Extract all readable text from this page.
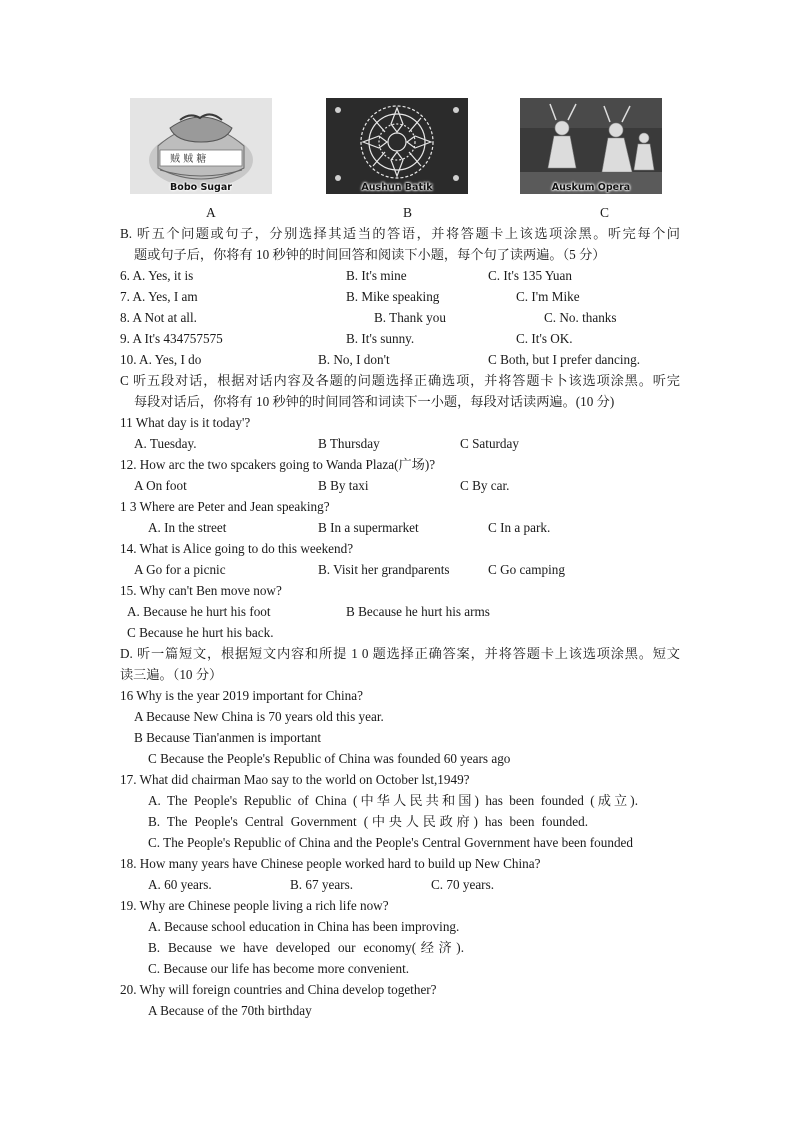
贼 贼 糖
Bobo Sugar	Aushun Batik	Auskum Opera
A	B	C
B. 听五个问题或句子，分别选择其适当的答语，并将答题卡上该选项涂黑。听完每个问
题或句子后，你将有 10 秒钟的时间回答和阅读下小题，每个句了读两遍。（5 分）
6. A. Yes, it is	B. It's mine	C. It's 135 Yuan
7. A. Yes, I am	B. Mike speaking	C. I'm Mike
8. A Not at all.	B. Thank you	C. No. thanks
9. A It's 434757575	B. It's sunny.	C. It's OK.
10. A. Yes, I do	B. No, I don't	C Both, but I prefer dancing.
C 听五段对话，根据对话内容及各题的问题选择正确选项，并将答题卡卜该选项涂黑。听完
每段对话后，你将有 10 秒钟的时间同答和词读下一小题，每段对话读两遍。(10 分)
11 What day is it today'?
A. Tuesday.	B Thursday	C Saturday
12. How arc the two spcakers going to Wanda Plaza(广场)?
A On foot	B By taxi	C By car.
1 3 Where are Peter and Jean speaking?
A. In the street	B In a supermarket	C In a park.
14. What is Alice going to do this weekend?
A Go for a picnic	B. Visit her grandparents	C Go camping
15. Why can't Ben move now?
A. Because he hurt his foot	B Because he hurt his arms
C Because he hurt his back.
D. 听一篇短文，根据短文内容和所提 1 0 题选择正确答案，并将答题卡上该选项涂黑。短文
读三遍。（10 分）
16 Why is the year 2019 important for China?
A Because New China is 70 years old this year.
B Because Tian'anmen is important
C Because the People's Republic of China was founded 60 years ago
17. What did chairman Mao say to the world on October lst,1949?
A. The People's Republic of China (中华人民共和国) has been founded (成立).
B. The People's Central Government (中央人民政府) has been founded.
C. The People's Republic of China and the People's Central Government have been founded
18. How many years have Chinese people worked hard to build up New China?
A. 60 years.	B. 67 years.	C. 70 years.
19. Why are Chinese people living a rich life now?
A. Because school education in China has been improving.
B. Because we have developed our economy(经济).
C. Because our life has become more convenient.
20. Why will foreign countries and China develop together?
A Because of the 70th birthday
